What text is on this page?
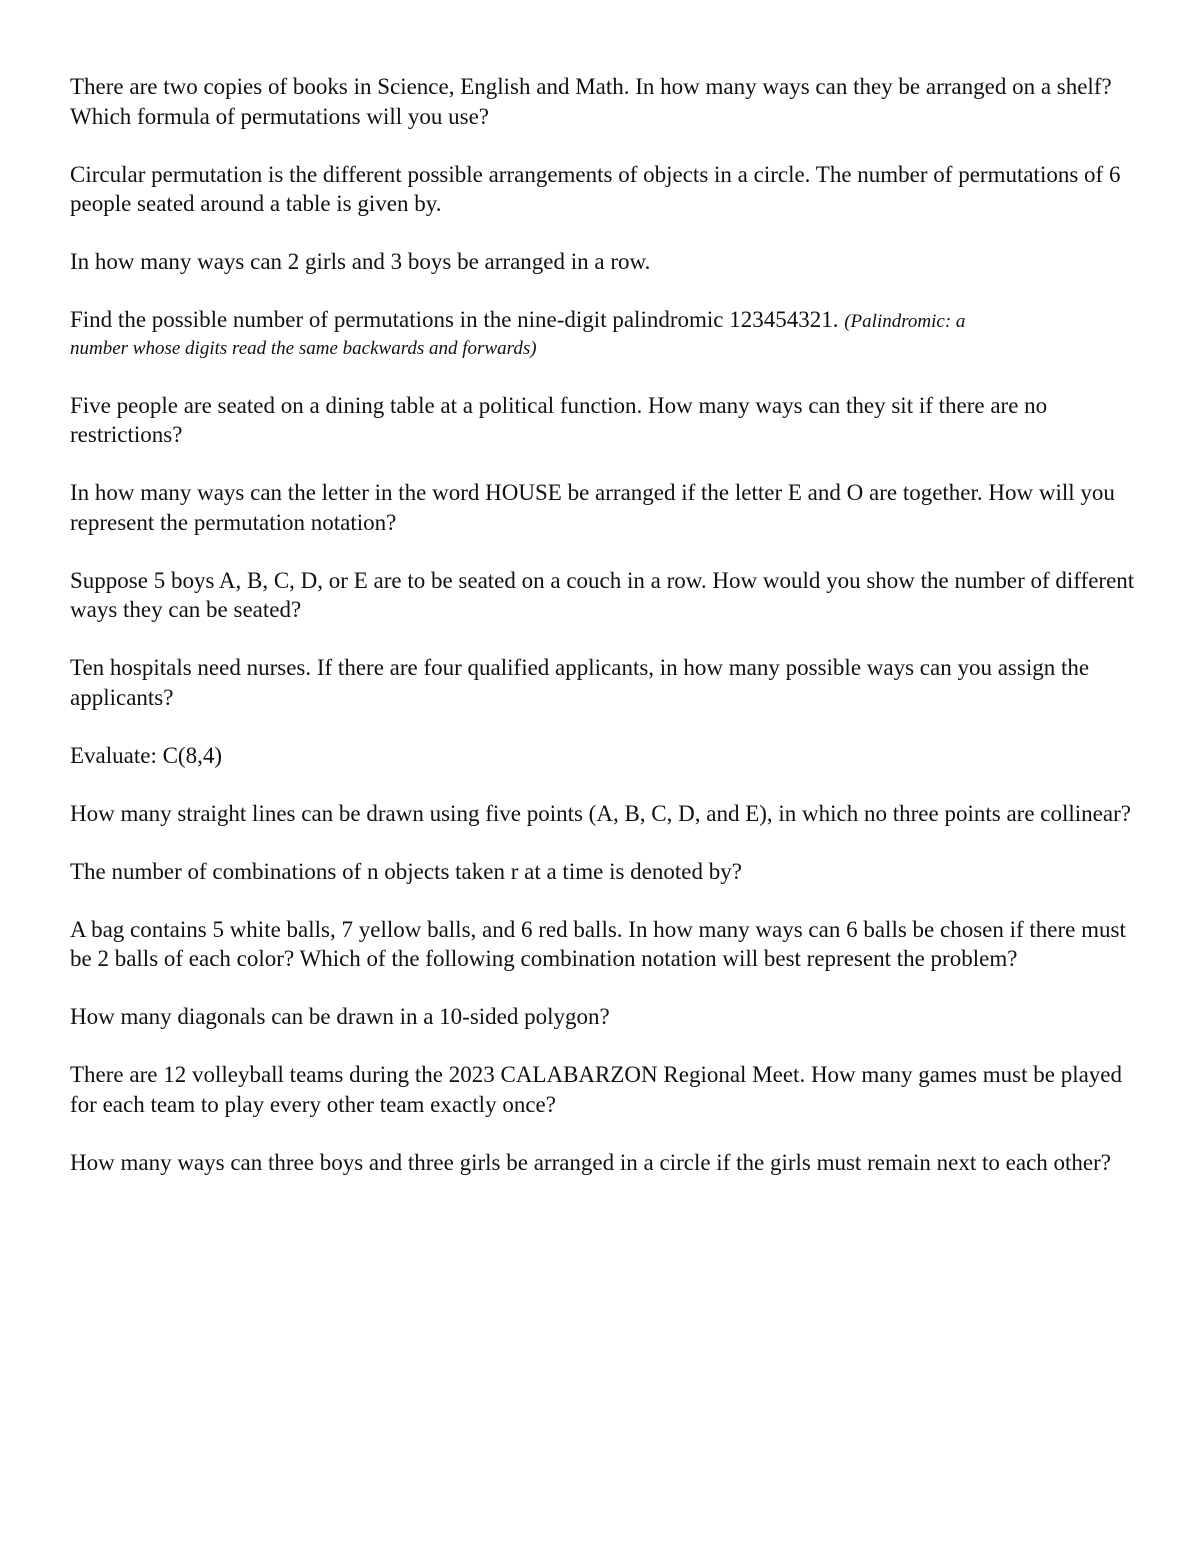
There are two copies of books in Science, English and Math. In how many ways can they be arranged on a shelf? Which formula of permutations will you use?

Circular permutation is the different possible arrangements of objects in a circle. The number of permutations of 6 people seated around a table is given by.

In how many ways can 2 girls and 3 boys be arranged in a row.

Find the possible number of permutations in the nine-digit palindromic 123454321. (Palindromic: a
number whose digits read the same backwards and forwards)

Five people are seated on a dining table at a political function. How many ways can they sit if there are no restrictions?

In how many ways can the letter in the word HOUSE be arranged if the letter E and O are together. How will you represent the permutation notation?

Suppose 5 boys A, B, C, D, or E are to be seated on a couch in a row. How would you show the number of different ways they can be seated?

Ten hospitals need nurses. If there are four qualified applicants, in how many possible ways can you assign the applicants?

Evaluate: C(8,4)

How many straight lines can be drawn using five points (A, B, C, D, and E), in which no three points are collinear?

The number of combinations of n objects taken r at a time is denoted by?

A bag contains 5 white balls, 7 yellow balls, and 6 red balls. In how many ways can 6 balls be chosen if there must be 2 balls of each color? Which of the following combination notation will best represent the problem?

How many diagonals can be drawn in a 10-sided polygon?

There are 12 volleyball teams during the 2023 CALABARZON Regional Meet. How many games must be played for each team to play every other team exactly once?

How many ways can three boys and three girls be arranged in a circle if the girls must remain next to each other?
